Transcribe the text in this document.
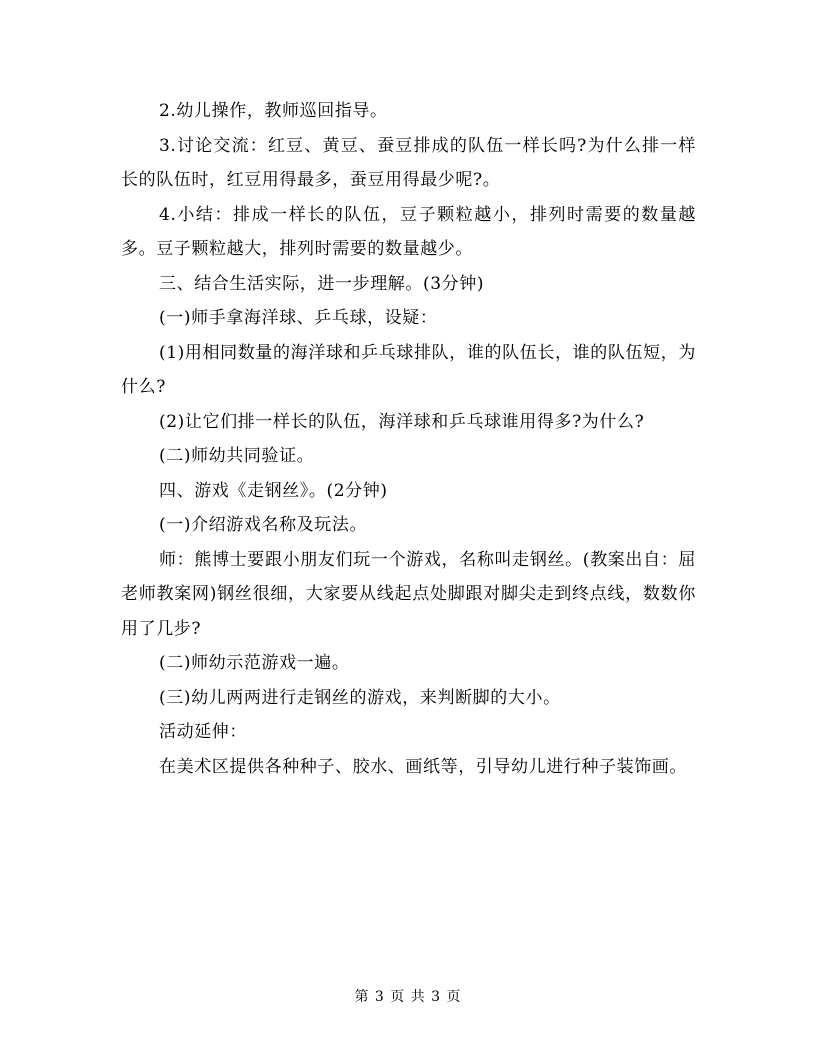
2.幼儿操作，教师巡回指导。

3.讨论交流：红豆、黄豆、蚕豆排成的队伍一样长吗?为什么排一样长的队伍时，红豆用得最多，蚕豆用得最少呢?。

4.小结：排成一样长的队伍，豆子颗粒越小，排列时需要的数量越多。豆子颗粒越大，排列时需要的数量越少。

三、结合生活实际，进一步理解。(3分钟)

(一)师手拿海洋球、乒乓球，设疑：

(1)用相同数量的海洋球和乒乓球排队，谁的队伍长，谁的队伍短，为什么?

(2)让它们排一样长的队伍，海洋球和乒乓球谁用得多?为什么?

(二)师幼共同验证。

四、游戏《走钢丝》。(2分钟)

(一)介绍游戏名称及玩法。

师：熊博士要跟小朋友们玩一个游戏，名称叫走钢丝。(教案出自：屈老师教案网)钢丝很细，大家要从线起点处脚跟对脚尖走到终点线，数数你用了几步?

(二)师幼示范游戏一遍。

(三)幼儿两两进行走钢丝的游戏，来判断脚的大小。

活动延伸：

在美术区提供各种种子、胶水、画纸等，引导幼儿进行种子装饰画。

第 3 页 共 3 页
